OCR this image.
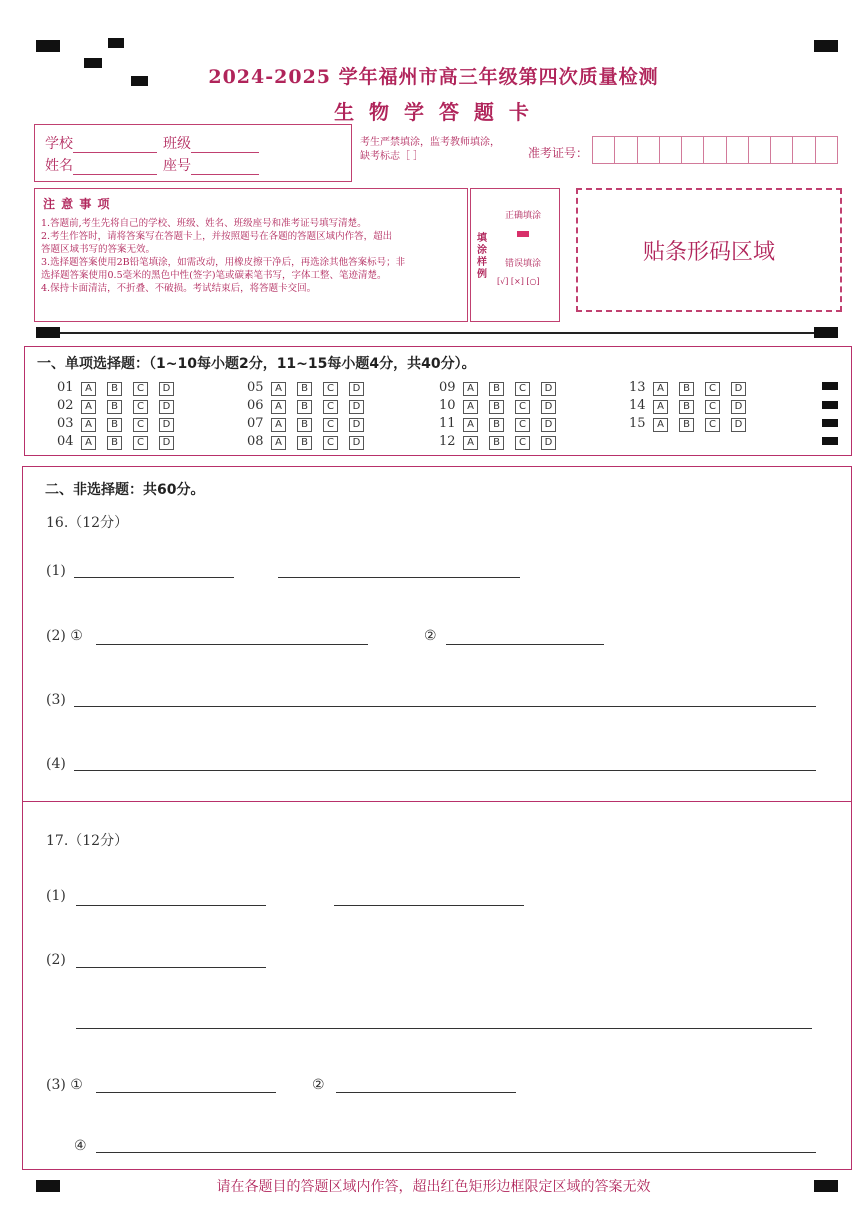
2024-2025 学年福州市高三年级第四次质量检测
生 物 学 答 题 卡
学校	班级
姓名	座号
考生严禁填涂，监考教师填涂，
缺考标志［ ］	准考证号：
注 意 事 项
1.答题前,考生先将自己的学校、班级、姓名、班级座号和准考证号填写清楚。
2.考生作答时，请将答案写在答题卡上，并按照题号在各题的答题区域内作答，超出
答题区域书写的答案无效。
3.选择题答案使用2B铅笔填涂，如需改动，用橡皮擦干净后，再选涂其他答案标号；非
选择题答案使用0.5毫米的黑色中性(签字)笔或碳素笔书写，字体工整、笔迹清楚。
4.保持卡面清洁，不折叠、不破损。考试结束后，将答题卡交回。
填涂样例
正确填涂
错误填涂
[√] [×] [○]
贴条形码区域
一、单项选择题：（1~10每小题2分，11~15每小题4分，共40分）。
01 A B C D
02 A B C D
03 A B C D
04 A B C D
05 A B C D
06 A B C D
07 A B C D
08 A B C D
09 A B C D
10 A B C D
11 A B C D
12 A B C D
13 A B C D
14 A B C D
15 A B C D
二、非选择题：共60分。
16.（12分）
(1)
(2) ①	②
(3)
(4)
17.（12分）
(1)
(2)
(3) ①	②
④
请在各题目的答题区域内作答，超出红色矩形边框限定区域的答案无效
